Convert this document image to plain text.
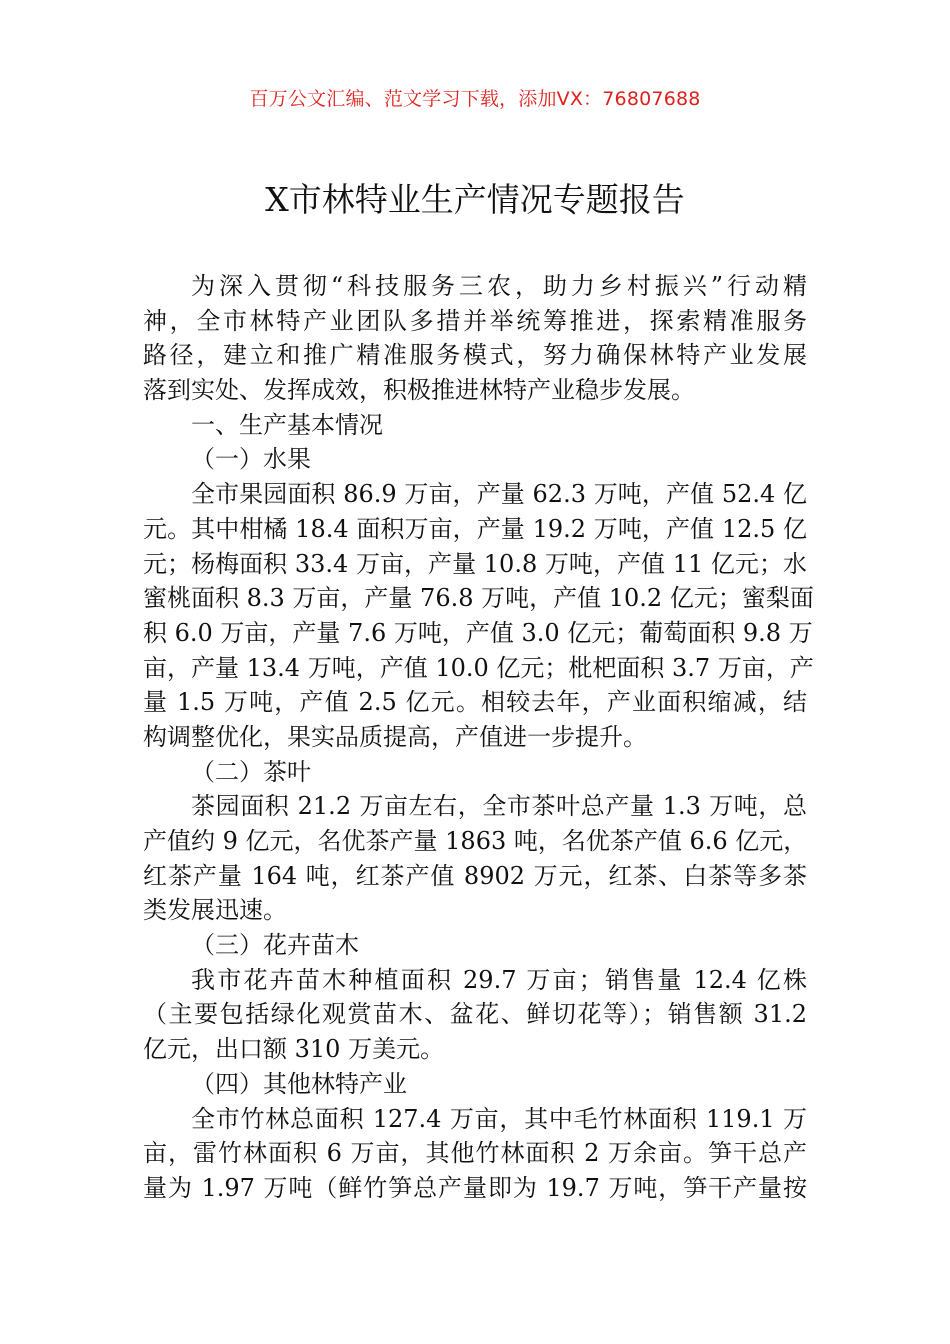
百万公文汇编、范文学习下载，添加VX：76807688
X市林特业生产情况专题报告
为深入贯彻“科技服务三农，助力乡村振兴”行动精
神，全市林特产业团队多措并举统筹推进，探索精准服务
路径，建立和推广精准服务模式，努力确保林特产业发展
落到实处、发挥成效，积极推进林特产业稳步发展。
一、生产基本情况
（一）水果
全市果园面积 86.9 万亩，产量 62.3 万吨，产值 52.4 亿
元。其中柑橘 18.4 面积万亩，产量 19.2 万吨，产值 12.5 亿
元；杨梅面积 33.4 万亩，产量 10.8 万吨，产值 11 亿元；水
蜜桃面积 8.3 万亩，产量 76.8 万吨，产值 10.2 亿元；蜜梨面
积 6.0 万亩，产量 7.6 万吨，产值 3.0 亿元；葡萄面积 9.8 万
亩，产量 13.4 万吨，产值 10.0 亿元；枇杷面积 3.7 万亩，产
量 1.5 万吨，产值 2.5 亿元。相较去年，产业面积缩减，结
构调整优化，果实品质提高，产值进一步提升。
（二）茶叶
茶园面积 21.2 万亩左右，全市茶叶总产量 1.3 万吨，总
产值约 9 亿元，名优茶产量 1863 吨，名优茶产值 6.6 亿元，
红茶产量 164 吨，红茶产值 8902 万元，红茶、白茶等多茶
类发展迅速。
（三）花卉苗木
我市花卉苗木种植面积 29.7 万亩；销售量 12.4 亿株
（主要包括绿化观赏苗木、盆花、鲜切花等）；销售额 31.2
亿元，出口额 310 万美元。
（四）其他林特产业
全市竹林总面积 127.4 万亩，其中毛竹林面积 119.1 万
亩，雷竹林面积 6 万亩，其他竹林面积 2 万余亩。笋干总产
量为 1.97 万吨（鲜竹笋总产量即为 19.7 万吨，笋干产量按
